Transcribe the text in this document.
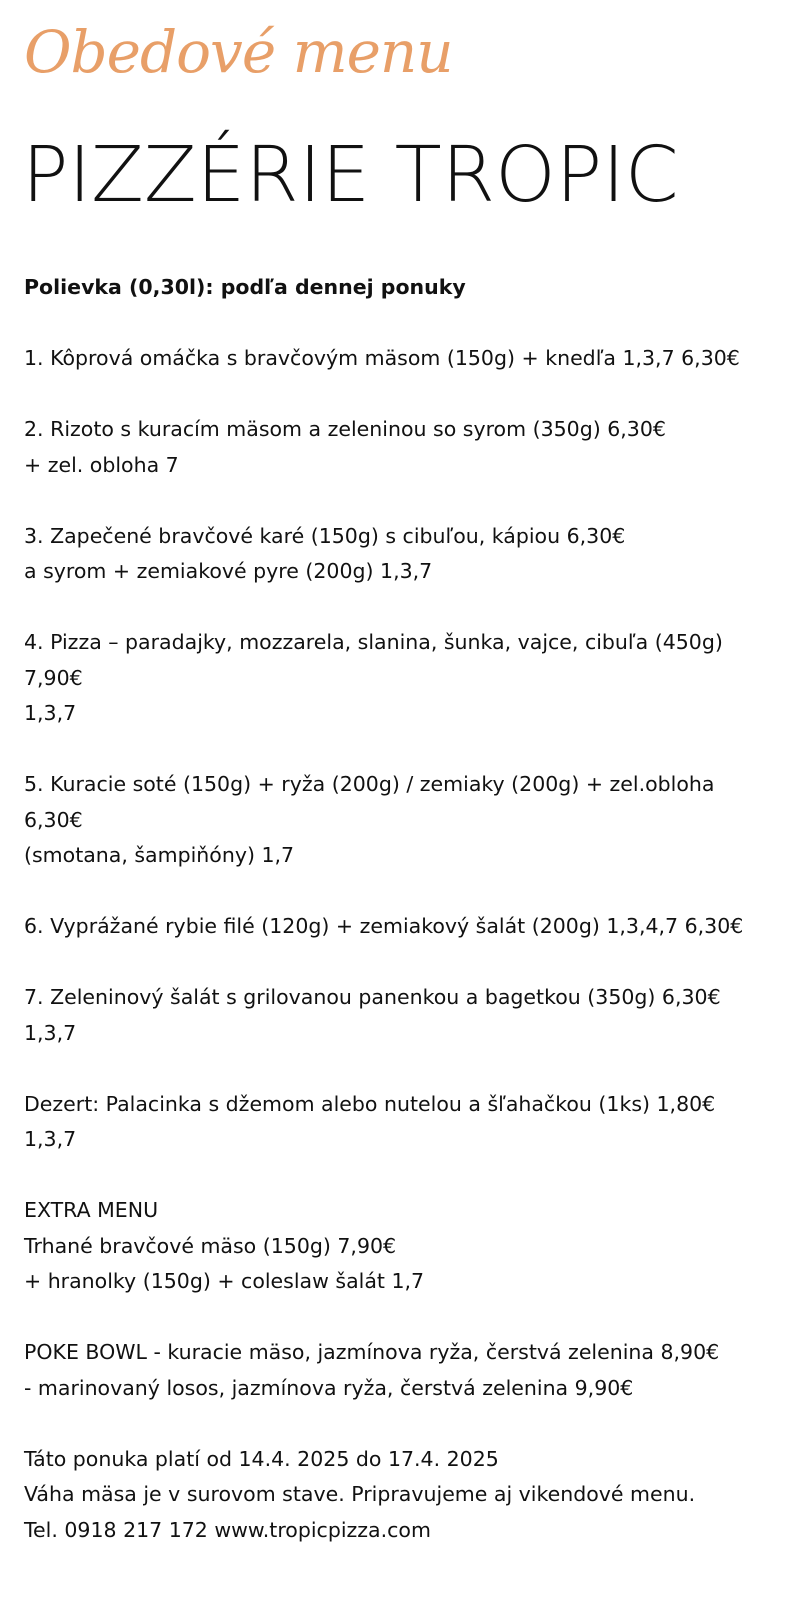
Obedové menu
PIZZÉRIE TROPIC
Polievka (0,30l): podľa dennej ponuky
1. Kôprová omáčka s bravčovým mäsom (150g) + knedľa 1,3,7 6,30€
2. Rizoto s kuracím mäsom a zeleninou so syrom (350g) 6,30€
+ zel. obloha 7
3. Zapečené bravčové karé (150g) s cibuľou, kápiou 6,30€
a syrom + zemiakové pyre (200g) 1,3,7
4. Pizza – paradajky, mozzarela, slanina, šunka, vajce, cibuľa (450g)
7,90€
1,3,7
5. Kuracie soté (150g) + ryža (200g) / zemiaky (200g) + zel.obloha
6,30€
(smotana, šampiňóny) 1,7
6. Vyprážané rybie filé (120g) + zemiakový šalát (200g) 1,3,4,7 6,30€
7. Zeleninový šalát s grilovanou panenkou a bagetkou (350g) 6,30€
1,3,7
Dezert: Palacinka s džemom alebo nutelou a šľahačkou (1ks) 1,80€
1,3,7
EXTRA MENU
Trhané bravčové mäso (150g) 7,90€
+ hranolky (150g) + coleslaw šalát 1,7
POKE BOWL - kuracie mäso, jazmínova ryža, čerstvá zelenina 8,90€
- marinovaný losos, jazmínova ryža, čerstvá zelenina 9,90€
Táto ponuka platí od 14.4. 2025 do 17.4. 2025
Váha mäsa je v surovom stave. Pripravujeme aj vikendové menu.
Tel. 0918 217 172 www.tropicpizza.com
